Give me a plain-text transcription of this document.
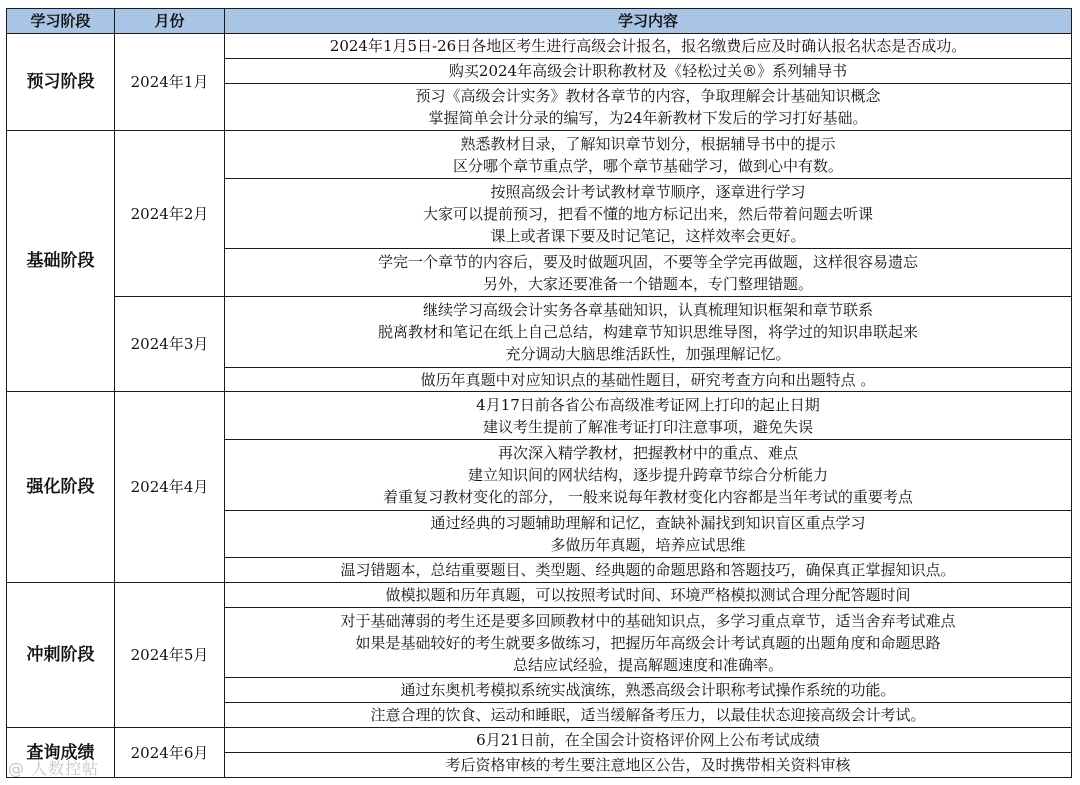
学习阶段	月份	学习内容
预习阶段	2024年1月	2024年1月5日-26日各地区考生进行高级会计报名，报名缴费后应及时确认报名状态是否成功。

		购买2024年高级会计职称教材及《轻松过关®》系列辅导书

		预习《高级会计实务》教材各章节的内容，争取理解会计基础知识概念
掌握简单会计分录的编写，为24年新教材下发后的学习打好基础。

基础阶段	2024年2月	熟悉教材目录，了解知识章节划分，根据辅导书中的提示
区分哪个章节重点学，哪个章节基础学习，做到心中有数。

		按照高级会计考试教材章节顺序，逐章进行学习
大家可以提前预习，把看不懂的地方标记出来，然后带着问题去听课
课上或者课下要及时记笔记，这样效率会更好。

		学完一个章节的内容后，要及时做题巩固，不要等全学完再做题，这样很容易遗忘
另外，大家还要准备一个错题本，专门整理错题。

	2024年3月	继续学习高级会计实务各章基础知识，认真梳理知识框架和章节联系
脱离教材和笔记在纸上自己总结，构建章节知识思维导图，将学过的知识串联起来
充分调动大脑思维活跃性，加强理解记忆。

		做历年真题中对应知识点的基础性题目，研究考查方向和出题特点 。

强化阶段	2024年4月	4月17日前各省公布高级准考证网上打印的起止日期
建议考生提前了解准考证打印注意事项，避免失误

		再次深入精学教材，把握教材中的重点、难点
建立知识间的网状结构，逐步提升跨章节综合分析能力
着重复习教材变化的部分， 一般来说每年教材变化内容都是当年考试的重要考点

		通过经典的习题辅助理解和记忆，查缺补漏找到知识盲区重点学习
多做历年真题，培养应试思维

		温习错题本，总结重要题目、类型题、经典题的命题思路和答题技巧，确保真正掌握知识点。

冲刺阶段	2024年5月	做模拟题和历年真题，可以按照考试时间、环境严格模拟测试合理分配答题时间

		对于基础薄弱的考生还是要多回顾教材中的基础知识点，多学习重点章节，适当舍弃考试难点
如果是基础较好的考生就要多做练习，把握历年高级会计考试真题的出题角度和命题思路
总结应试经验，提高解题速度和准确率。

		通过东奥机考模拟系统实战演练，熟悉高级会计职称考试操作系统的功能。

		注意合理的饮食、运动和睡眠，适当缓解备考压力，以最佳状态迎接高级会计考试。

查询成绩	2024年6月	6月21日前，在全国会计资格评价网上公布考试成绩

		考后资格审核的考生要注意地区公告，及时携带相关资料审核
@ 人数控帖
